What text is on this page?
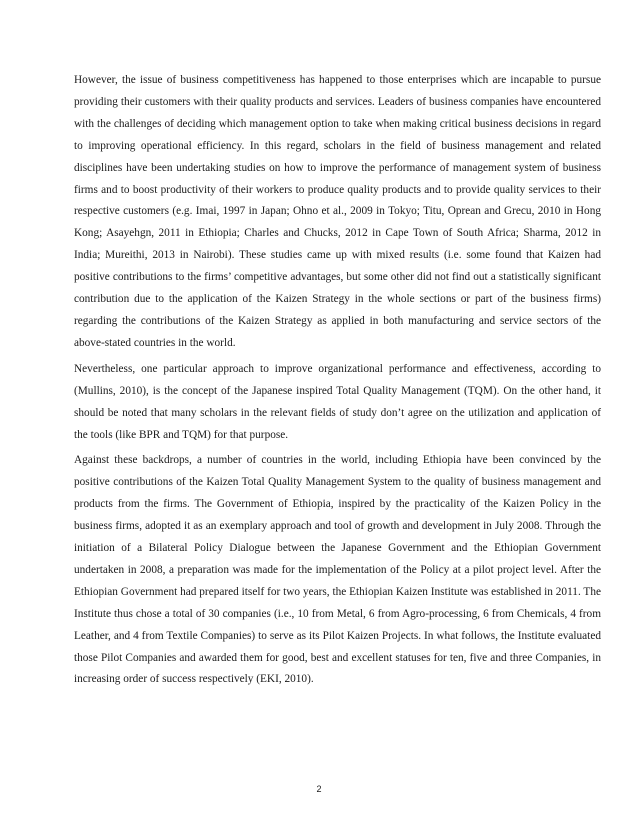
However, the issue of business competitiveness has happened to those enterprises which are incapable to pursue providing their customers with their quality products and services. Leaders of business companies have encountered with the challenges of deciding which management option to take when making critical business decisions in regard to improving operational efficiency. In this regard, scholars in the field of business management and related disciplines have been undertaking studies on how to improve the performance of management system of business firms and to boost productivity of their workers to produce quality products and to provide quality services to their respective customers (e.g. Imai, 1997 in Japan; Ohno et al., 2009 in Tokyo; Titu, Oprean and Grecu, 2010 in Hong Kong; Asayehgn, 2011 in Ethiopia; Charles and Chucks, 2012 in Cape Town of South Africa; Sharma, 2012 in India; Mureithi, 2013 in Nairobi). These studies came up with mixed results (i.e. some found that Kaizen had positive contributions to the firms’ competitive advantages, but some other did not find out a statistically significant contribution due to the application of the Kaizen Strategy in the whole sections or part of the business firms) regarding the contributions of the Kaizen Strategy as applied in both manufacturing and service sectors of the above-stated countries in the world.

Nevertheless, one particular approach to improve organizational performance and effectiveness, according to (Mullins, 2010), is the concept of the Japanese inspired Total Quality Management (TQM). On the other hand, it should be noted that many scholars in the relevant fields of study don’t agree on the utilization and application of the tools (like BPR and TQM) for that purpose.

Against these backdrops, a number of countries in the world, including Ethiopia have been convinced by the positive contributions of the Kaizen Total Quality Management System to the quality of business management and products from the firms. The Government of Ethiopia, inspired by the practicality of the Kaizen Policy in the business firms, adopted it as an exemplary approach and tool of growth and development in July 2008. Through the initiation of a Bilateral Policy Dialogue between the Japanese Government and the Ethiopian Government undertaken in 2008, a preparation was made for the implementation of the Policy at a pilot project level. After the Ethiopian Government had prepared itself for two years, the Ethiopian Kaizen Institute was established in 2011. The Institute thus chose a total of 30 companies (i.e., 10 from Metal, 6 from Agro-processing, 6 from Chemicals, 4 from Leather, and 4 from Textile Companies) to serve as its Pilot Kaizen Projects. In what follows, the Institute evaluated those Pilot Companies and awarded them for good, best and excellent statuses for ten, five and three Companies, in increasing order of success respectively (EKI, 2010).

2
